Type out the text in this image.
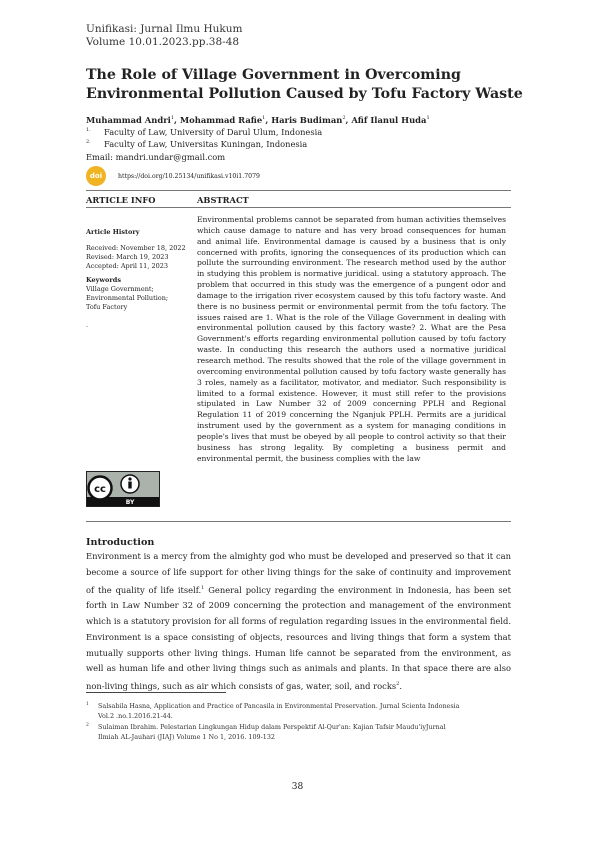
Unifikasi: Jurnal Ilmu Hukum
Volume 10.01.2023.pp.38-48
The Role of Village Government in Overcoming Environmental Pollution Caused by Tofu Factory Waste
Muhammad Andri$^1$, Mohammad Rafie$^1$, Haris Budiman$^2$, Afif Ilanul Huda$^1$
1. Faculty of Law, University of Darul Ulum, Indonesia
2. Faculty of Law, Universitas Kuningan, Indonesia
Email: mandri.undar@gmail.com
doi	https://doi.org/10.25134/unifikasi.v10i1.7079
ARTICLE INFO	ABSTRACT
Article History
Received: November 18, 2022
Revised: March 19, 2023
Accepted: April 11, 2023
Keywords
Village Government;
Environmental Pollution;
Tofu Factory
.
cc
BY
Environmental problems cannot be separated from human activities themselves which cause damage to nature and has very broad consequences for human and animal life. Environmental damage is caused by a business that is only concerned with profits, ignoring the consequences of its production which can pollute the surrounding environment. The research method used by the author in studying this problem is normative juridical. using a statutory approach. The problem that occurred in this study was the emergence of a pungent odor and damage to the irrigation river ecosystem caused by this tofu factory waste. And there is no business permit or environmental permit from the tofu factory. The issues raised are 1. What is the role of the Village Government in dealing with environmental pollution caused by this factory waste? 2. What are the Pesa Government's efforts regarding environmental pollution caused by tofu factory waste. In conducting this research the authors used a normative juridical research method. The results showed that the role of the village government in overcoming environmental pollution caused by tofu factory waste generally has 3 roles, namely as a facilitator, motivator, and mediator. Such responsibility is limited to a formal existence. However, it must still refer to the provisions stipulated in Law Number 32 of 2009 concerning PPLH and Regional Regulation 11 of 2019 concerning the Nganjuk PPLH. Permits are a juridical instrument used by the government as a system for managing conditions in people's lives that must be obeyed by all people to control activity so that their business has strong legality. By completing a business permit and environmental permit, the business complies with the law
Introduction
Environment is a mercy from the almighty god who must be developed and preserved so that it can become a source of life support for other living things for the sake of continuity and improvement of the quality of life itself.$^1$ General policy regarding the environment in Indonesia, has been set forth in Law Number 32 of 2009 concerning the protection and management of the environment which is a statutory provision for all forms of regulation regarding issues in the environmental field. Environment is a space consisting of objects, resources and living things that form a system that mutually supports other living things. Human life cannot be separated from the environment, as well as human life and other living things such as animals and plants. In that space there are also non-living things, such as air which consists of gas, water, soil, and rocks$^2$.
1 Salsabila Hasna, Application and Practice of Pancasila in Environmental Preservation. Jurnal Scienta Indonesia
Vol.2 .no.1.2016.21-44.
2 Sulaiman Ibrahim. Pelestarian Lingkungan Hidup dalam Perspektif Al-Qur'an: Kajian Tafsir Maudu'iyJurnal
Ilmiah AL-Jauhari (JIAJ) Volume 1 No 1, 2016. 109-132
38
